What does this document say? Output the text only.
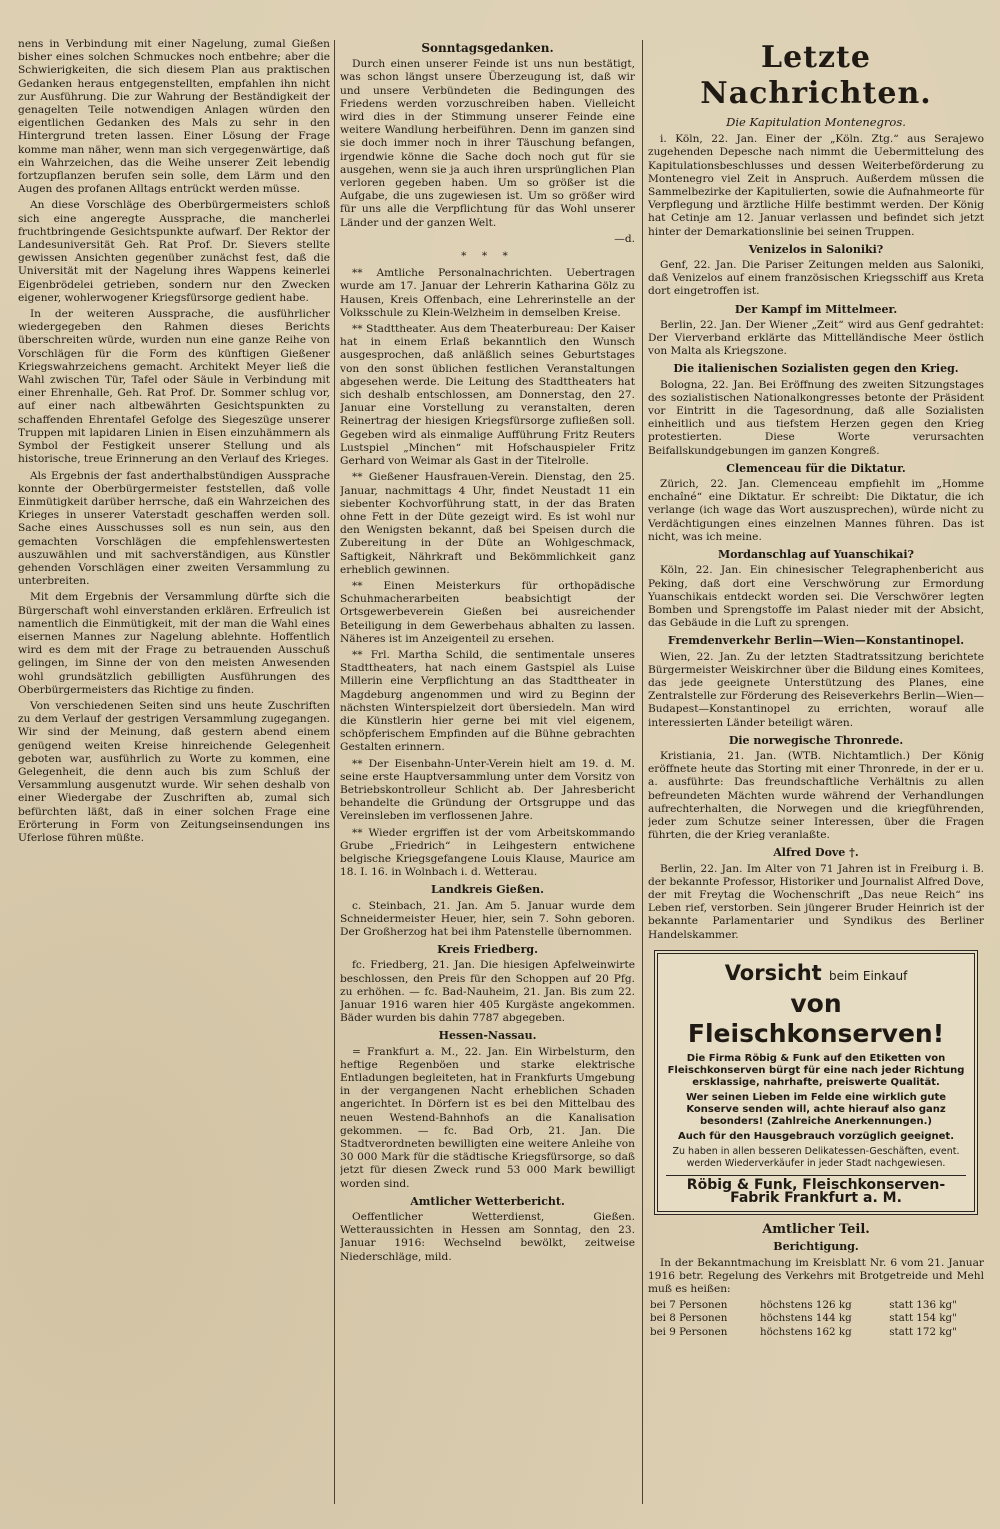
nens in Verbindung mit einer Nagelung, zumal Gießen bisher eines solchen Schmuckes noch entbehre; aber die Schwierigkeiten, die sich diesem Plan aus praktischen Gedanken heraus entgegenstellten, empfahlen ihn nicht zur Ausführung. Die zur Wahrung der Beständigkeit der genagelten Teile notwendigen Anlagen würden den eigentlichen Gedanken des Mals zu sehr in den Hintergrund treten lassen. Einer Lösung der Frage komme man näher, wenn man sich vergegenwärtige, daß ein Wahrzeichen, das die Weihe unserer Zeit lebendig fortzupflanzen berufen sein solle, dem Lärm und den Augen des profanen Alltags entrückt werden müsse.

An diese Vorschläge des Oberbürgermeisters schloß sich eine angeregte Aussprache, die mancherlei fruchtbringende Gesichtspunkte aufwarf. Der Rektor der Landesuniversität Geh. Rat Prof. Dr. Sievers stellte gewissen Ansichten gegenüber zunächst fest, daß die Universität mit der Nagelung ihres Wappens keinerlei Eigenbrödelei getrieben, sondern nur den Zwecken eigener, wohlerwogener Kriegsfürsorge gedient habe.

In der weiteren Aussprache, die ausführlicher wiedergegeben den Rahmen dieses Berichts überschreiten würde, wurden nun eine ganze Reihe von Vorschlägen für die Form des künftigen Gießener Kriegswahrzeichens gemacht. Architekt Meyer ließ die Wahl zwischen Tür, Tafel oder Säule in Verbindung mit einer Ehrenhalle, Geh. Rat Prof. Dr. Sommer schlug vor, auf einer nach altbewährten Gesichtspunkten zu schaffenden Ehrentafel Gefolge des Siegeszüge unserer Truppen mit lapidaren Linien in Eisen einzuhämmern als Symbol der Festigkeit unserer Stellung und als historische, treue Erinnerung an den Verlauf des Krieges.

Als Ergebnis der fast anderthalbstündigen Aussprache konnte der Oberbürgermeister feststellen, daß volle Einmütigkeit darüber herrsche, daß ein Wahrzeichen des Krieges in unserer Vaterstadt geschaffen werden soll. Sache eines Ausschusses soll es nun sein, aus den gemachten Vorschlägen die empfehlenswertesten auszuwählen und mit sachverständigen, aus Künstler gehenden Vorschlägen einer zweiten Versammlung zu unterbreiten.

Mit dem Ergebnis der Versammlung dürfte sich die Bürgerschaft wohl einverstanden erklären. Erfreulich ist namentlich die Einmütigkeit, mit der man die Wahl eines eisernen Mannes zur Nagelung ablehnte. Hoffentlich wird es dem mit der Frage zu betrauenden Ausschuß gelingen, im Sinne der von den meisten Anwesenden wohl grundsätzlich gebilligten Ausführungen des Oberbürgermeisters das Richtige zu finden.

Von verschiedenen Seiten sind uns heute Zuschriften zu dem Verlauf der gestrigen Versammlung zugegangen. Wir sind der Meinung, daß gestern abend einem genügend weiten Kreise hinreichende Gelegenheit geboten war, ausführlich zu Worte zu kommen, eine Gelegenheit, die denn auch bis zum Schluß der Versammlung ausgenutzt wurde. Wir sehen deshalb von einer Wiedergabe der Zuschriften ab, zumal sich befürchten läßt, daß in einer solchen Frage eine Erörterung in Form von Zeitungseinsendungen ins Uferlose führen müßte.

Sonntagsgedanken.

Durch einen unserer Feinde ist uns nun bestätigt, was schon längst unsere Überzeugung ist, daß wir und unsere Verbündeten die Bedingungen des Friedens werden vorzuschreiben haben. Vielleicht wird dies in der Stimmung unserer Feinde eine weitere Wandlung herbeiführen. Denn im ganzen sind sie doch immer noch in ihrer Täuschung befangen, irgendwie könne die Sache doch noch gut für sie ausgehen, wenn sie ja auch ihren ursprünglichen Plan verloren gegeben haben. Um so größer ist die Aufgabe, die uns zugewiesen ist. Um so größer wird für uns alle die Verpflichtung für das Wohl unserer Länder und der ganzen Welt.

—d.
* * *

** Amtliche Personalnachrichten. Uebertragen wurde am 17. Januar der Lehrerin Katharina Gölz zu Hausen, Kreis Offenbach, eine Lehrerinstelle an der Volksschule zu Klein-Welzheim in demselben Kreise.

** Stadttheater. Aus dem Theaterbureau: Der Kaiser hat in einem Erlaß bekanntlich den Wunsch ausgesprochen, daß anläßlich seines Geburtstages von den sonst üblichen festlichen Veranstaltungen abgesehen werde. Die Leitung des Stadttheaters hat sich deshalb entschlossen, am Donnerstag, den 27. Januar eine Vorstellung zu veranstalten, deren Reinertrag der hiesigen Kriegsfürsorge zufließen soll. Gegeben wird als einmalige Aufführung Fritz Reuters Lustspiel „Minchen“ mit Hofschauspieler Fritz Gerhard von Weimar als Gast in der Titelrolle.

** Gießener Hausfrauen-Verein. Dienstag, den 25. Januar, nachmittags 4 Uhr, findet Neustadt 11 ein siebenter Kochvorführung statt, in der das Braten ohne Fett in der Düte gezeigt wird. Es ist wohl nur den Wenigsten bekannt, daß bei Speisen durch die Zubereitung in der Düte an Wohlgeschmack, Saftigkeit, Nährkraft und Bekömmlichkeit ganz erheblich gewinnen.

** Einen Meisterkurs für orthopädische Schuhmacherarbeiten beabsichtigt der Ortsgewerbeverein Gießen bei ausreichender Beteiligung in dem Gewerbehaus abhalten zu lassen. Näheres ist im Anzeigenteil zu ersehen.

** Frl. Martha Schild, die sentimentale unseres Stadttheaters, hat nach einem Gastspiel als Luise Millerin eine Verpflichtung an das Stadttheater in Magdeburg angenommen und wird zu Beginn der nächsten Winterspielzeit dort übersiedeln. Man wird die Künstlerin hier gerne bei mit viel eigenem, schöpferischem Empfinden auf die Bühne gebrachten Gestalten erinnern.

** Der Eisenbahn-Unter-Verein hielt am 19. d. M. seine erste Hauptversammlung unter dem Vorsitz von Betriebskontrolleur Schlicht ab. Der Jahresbericht behandelte die Gründung der Ortsgruppe und das Vereinsleben im verflossenen Jahre.

** Wieder ergriffen ist der vom Arbeitskommando Grube „Friedrich“ in Leihgestern entwichene belgische Kriegsgefangene Louis Klause, Maurice am 18. I. 16. in Wolnbach i. d. Wetterau.

Landkreis Gießen.

c. Steinbach, 21. Jan. Am 5. Januar wurde dem Schneidermeister Heuer, hier, sein 7. Sohn geboren. Der Großherzog hat bei ihm Patenstelle übernommen.

Kreis Friedberg.

fc. Friedberg, 21. Jan. Die hiesigen Apfelweinwirte beschlossen, den Preis für den Schoppen auf 20 Pfg. zu erhöhen. — fc. Bad-Nauheim, 21. Jan. Bis zum 22. Januar 1916 waren hier 405 Kurgäste angekommen. Bäder wurden bis dahin 7787 abgegeben.

Hessen-Nassau.

= Frankfurt a. M., 22. Jan. Ein Wirbelsturm, den heftige Regenböen und starke elektrische Entladungen begleiteten, hat in Frankfurts Umgebung in der vergangenen Nacht erheblichen Schaden angerichtet. In Dörfern ist es bei den Mittelbau des neuen Westend-Bahnhofs an die Kanalisation gekommen. — fc. Bad Orb, 21. Jan. Die Stadtverordneten bewilligten eine weitere Anleihe von 30 000 Mark für die städtische Kriegsfürsorge, so daß jetzt für diesen Zweck rund 53 000 Mark bewilligt worden sind.

Amtlicher Wetterbericht.

Oeffentlicher Wetterdienst, Gießen. Wetteraussichten in Hessen am Sonntag, den 23. Januar 1916: Wechselnd bewölkt, zeitweise Niederschläge, mild.

Letzte Nachrichten.
Die Kapitulation Montenegros.

i. Köln, 22. Jan. Einer der „Köln. Ztg.“ aus Serajewo zugehenden Depesche nach nimmt die Uebermittelung des Kapitulationsbeschlusses und dessen Weiterbeförderung zu Montenegro viel Zeit in Anspruch. Außerdem müssen die Sammelbezirke der Kapitulierten, sowie die Aufnahmeorte für Verpflegung und ärztliche Hilfe bestimmt werden. Der König hat Cetinje am 12. Januar verlassen und befindet sich jetzt hinter der Demarkationslinie bei seinen Truppen.

Venizelos in Saloniki?

Genf, 22. Jan. Die Pariser Zeitungen melden aus Saloniki, daß Venizelos auf einem französischen Kriegsschiff aus Kreta dort eingetroffen ist.

Der Kampf im Mittelmeer.

Berlin, 22. Jan. Der Wiener „Zeit“ wird aus Genf gedrahtet: Der Vierverband erklärte das Mittelländische Meer östlich von Malta als Kriegszone.

Die italienischen Sozialisten gegen den Krieg.

Bologna, 22. Jan. Bei Eröffnung des zweiten Sitzungstages des sozialistischen Nationalkongresses betonte der Präsident vor Eintritt in die Tagesordnung, daß alle Sozialisten einheitlich und aus tiefstem Herzen gegen den Krieg protestierten. Diese Worte verursachten Beifallskundgebungen im ganzen Kongreß.

Clemenceau für die Diktatur.

Zürich, 22. Jan. Clemenceau empfiehlt im „Homme enchaîné“ eine Diktatur. Er schreibt: Die Diktatur, die ich verlange (ich wage das Wort auszusprechen), würde nicht zu Verdächtigungen eines einzelnen Mannes führen. Das ist nicht, was ich meine.

Mordanschlag auf Yuanschikai?

Köln, 22. Jan. Ein chinesischer Telegraphenbericht aus Peking, daß dort eine Verschwörung zur Ermordung Yuanschikais entdeckt worden sei. Die Verschwörer legten Bomben und Sprengstoffe im Palast nieder mit der Absicht, das Gebäude in die Luft zu sprengen.

Fremdenverkehr Berlin—Wien—Konstantinopel.

Wien, 22. Jan. Zu der letzten Stadtratssitzung berichtete Bürgermeister Weiskirchner über die Bildung eines Komitees, das jede geeignete Unterstützung des Planes, eine Zentralstelle zur Förderung des Reiseverkehrs Berlin—Wien—Budapest—Konstantinopel zu errichten, worauf alle interessierten Länder beteiligt wären.

Die norwegische Thronrede.

Kristiania, 21. Jan. (WTB. Nichtamtlich.) Der König eröffnete heute das Storting mit einer Thronrede, in der er u. a. ausführte: Das freundschaftliche Verhältnis zu allen befreundeten Mächten wurde während der Verhandlungen aufrechterhalten, die Norwegen und die kriegführenden, jeder zum Schutze seiner Interessen, über die Fragen führten, die der Krieg veranlaßte.

Alfred Dove †.

Berlin, 22. Jan. Im Alter von 71 Jahren ist in Freiburg i. B. der bekannte Professor, Historiker und Journalist Alfred Dove, der mit Freytag die Wochenschrift „Das neue Reich“ ins Leben rief, verstorben. Sein jüngerer Bruder Heinrich ist der bekannte Parlamentarier und Syndikus des Berliner Handelskammer.

Vorsicht beim Einkauf
von Fleischkonserven!
Die Firma Röbig & Funk auf den Etiketten von Fleischkonserven bürgt für eine nach jeder Richtung ersklassige, nahrhafte, preiswerte Qualität.
Wer seinen Lieben im Felde eine wirklich gute Konserve senden will, achte hierauf also ganz besonders! (Zahlreiche Anerkennungen.)
Auch für den Hausgebrauch vorzüglich geeignet.
Zu haben in allen besseren Delikatessen-Geschäften, event. werden Wiederverkäufer in jeder Stadt nachgewiesen.
Röbig & Funk, Fleischkonserven-Fabrik Frankfurt a. M.
Amtlicher Teil.
Berichtigung.

In der Bekanntmachung im Kreisblatt Nr. 6 vom 21. Januar 1916 betr. Regelung des Verkehrs mit Brotgetreide und Mehl muß es heißen:

bei 7 Personen	höchstens 126 kg	statt 136 kg"
bei 8 Personen	höchstens 144 kg	statt 154 kg"
bei 9 Personen	höchstens 162 kg	statt 172 kg"
